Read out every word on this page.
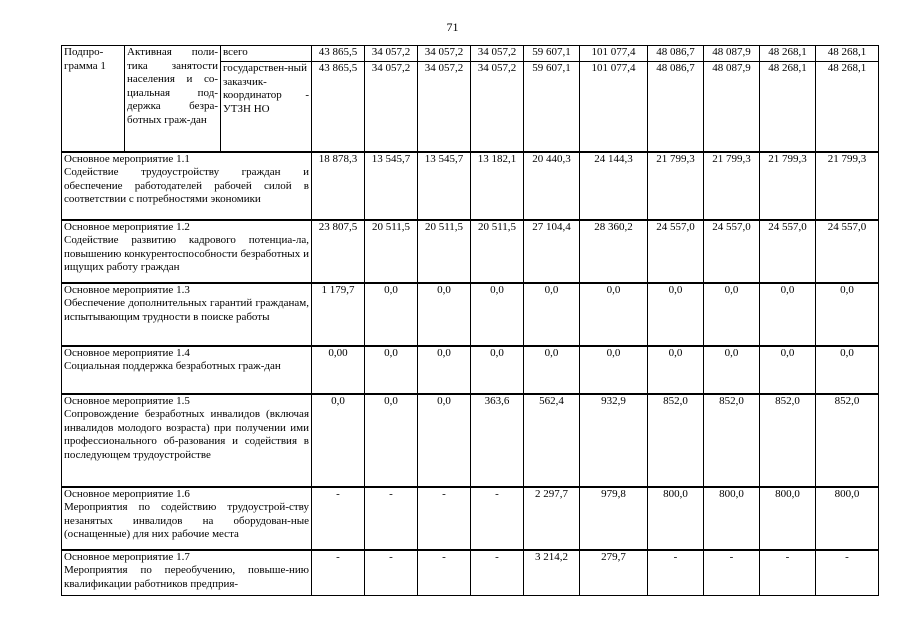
71
Подпро-грамма 1	Активная поли-тика занятости населения и со-циальная под-держка безра-ботных граж-дан	всего	43 865,5	34 057,2	34 057,2	34 057,2	59 607,1	101 077,4	48 086,7	48 087,9	48 268,1	48 268,1
		государствен-ный заказчик-координатор - УТЗН НО	43 865,5	34 057,2	34 057,2	34 057,2	59 607,1	101 077,4	48 086,7	48 087,9	48 268,1	48 268,1

Основное мероприятие 1.1
Содействие трудоустройству граждан и обеспечение работодателей рабочей силой в соответствии с потребностями экономики			18 878,3	13 545,7	13 545,7	13 182,1	20 440,3	24 144,3	21 799,3	21 799,3	21 799,3	21 799,3

Основное мероприятие 1.2
Содействие развитию кадрового потенциа-ла, повышению конкурентоспособности безработных и ищущих работу граждан			23 807,5	20 511,5	20 511,5	20 511,5	27 104,4	28 360,2	24 557,0	24 557,0	24 557,0	24 557,0

Основное мероприятие 1.3
Обеспечение дополнительных гарантий гражданам, испытывающим трудности в поиске работы			1 179,7	0,0	0,0	0,0	0,0	0,0	0,0	0,0	0,0	0,0

Основное мероприятие 1.4
Социальная поддержка безработных граж-дан			0,00	0,0	0,0	0,0	0,0	0,0	0,0	0,0	0,0	0,0

Основное мероприятие 1.5
Сопровождение безработных инвалидов (включая инвалидов молодого возраста) при получении ими профессионального об-разования и содействия в последующем трудоустройстве			0,0	0,0	0,0	363,6	562,4	932,9	852,0	852,0	852,0	852,0

Основное мероприятие 1.6
Мероприятия по содействию трудоустрой-ству незанятых инвалидов на оборудован-ные (оснащенные) для них рабочие места			-	-	-	-	2 297,7	979,8	800,0	800,0	800,0	800,0

Основное мероприятие 1.7
Мероприятия по переобучению, повыше-нию квалификации работников предприя-			-	-	-	-	3 214,2	279,7	-	-	-	-
